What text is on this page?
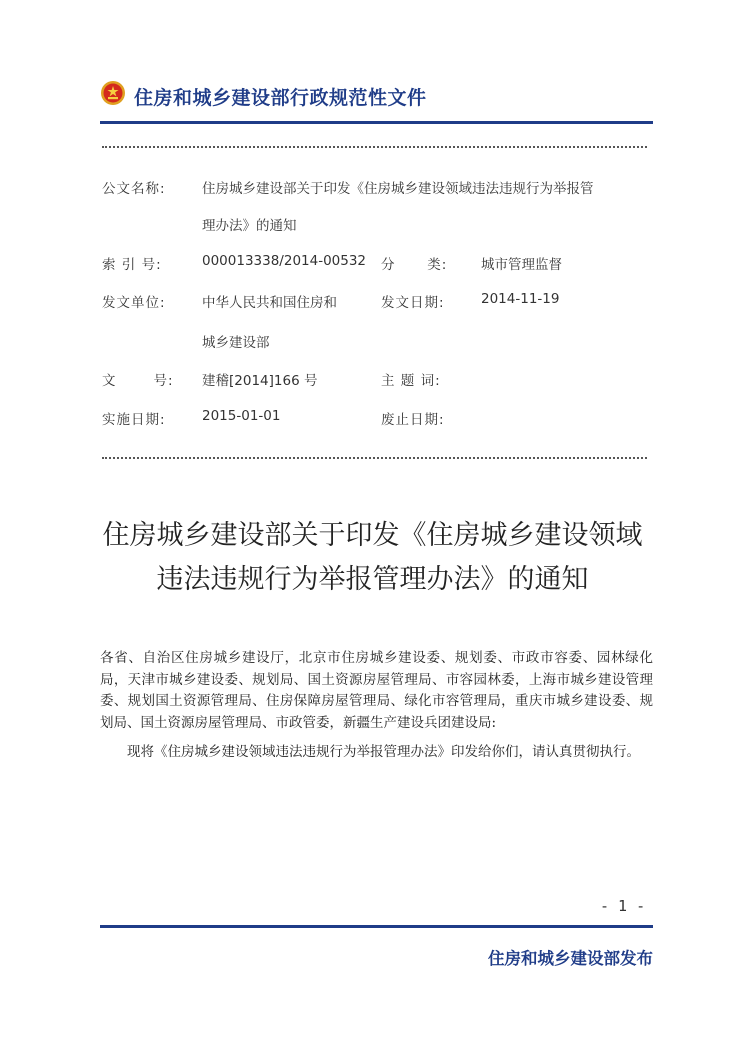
住房和城乡建设部行政规范性文件
公文名称:	住房城乡建设部关于印发《住房城乡建设领域违法违规行为举报管
理办法》的通知
索 引 号:	000013338/2014-00532 分      类: 城市管理监督
发文单位:	中华人民共和国住房和
城乡建设部
发文日期:	2014-11-19
文       号: 建稽[2014]166 号	主 题 词:
实施日期:	2015-01-01	废止日期:
住房城乡建设部关于印发《住房城乡建设领域
违法违规行为举报管理办法》的通知
各省、自治区住房城乡建设厅，北京市住房城乡建设委、规划委、市政市容委、园林绿化局，天津市城乡建设委、规划局、国土资源房屋管理局、市容园林委，上海市城乡建设管理委、规划国土资源管理局、住房保障房屋管理局、绿化市容管理局，重庆市城乡建设委、规划局、国土资源房屋管理局、市政管委，新疆生产建设兵团建设局:
现将《住房城乡建设领域违法违规行为举报管理办法》印发给你们，请认真贯彻执行。
- 1 -
住房和城乡建设部发布
